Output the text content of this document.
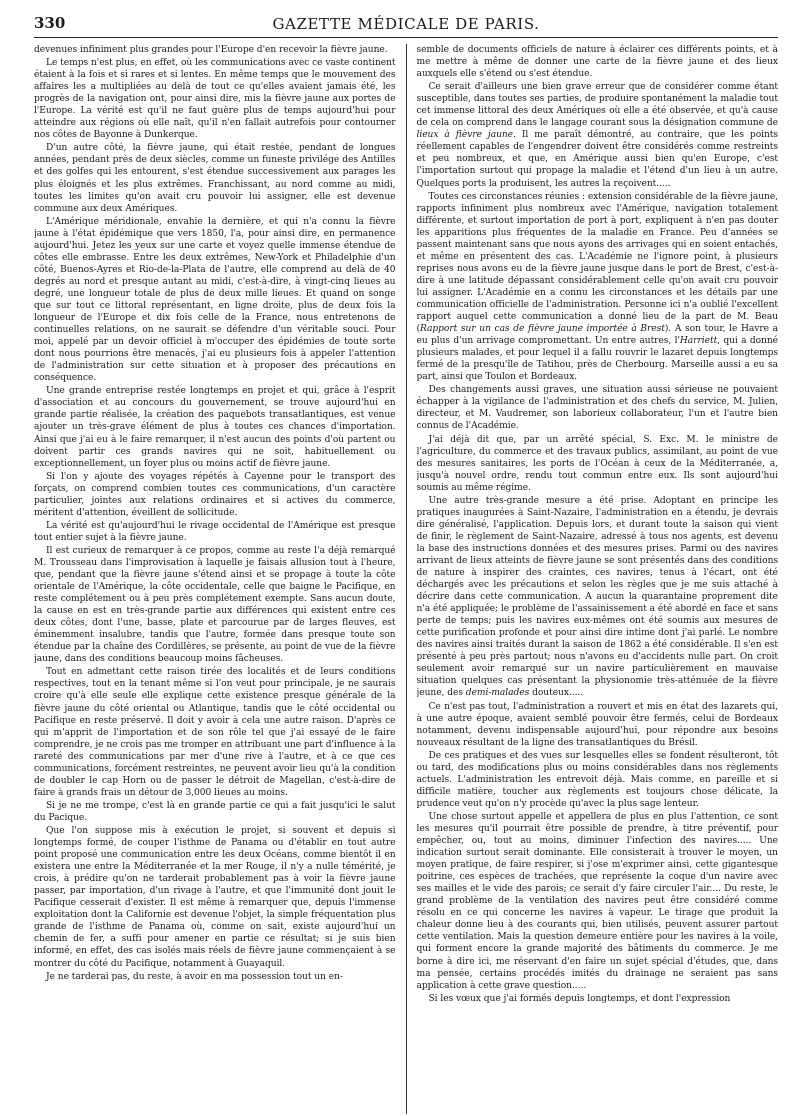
330	GAZETTE MÉDICALE DE PARIS.

devenues infiniment plus grandes pour l'Europe d'en recevoir la fièvre jaune.

Le temps n'est plus, en effet, où les communications avec ce vaste continent étaient à la fois et si rares et si lentes. En même temps que le mouvement des affaires les a multipliées au delà de tout ce qu'elles avaient jamais été, les progrès de la navigation ont, pour ainsi dire, mis la fièvre jaune aux portes de l'Europe. La vérité est qu'il ne faut guère plus de temps aujourd'hui pour atteindre aux régions où elle naît, qu'il n'en fallait autrefois pour contourner nos côtes de Bayonne à Dunkerque.

D'un autre côté, la fièvre jaune, qui était restée, pendant de longues années, pendant près de deux siècles, comme un funeste privilége des Antilles et des golfes qui les entourent, s'est étendue successivement aux parages les plus éloignés et les plus extrêmes. Franchissant, au nord comme au midi, toutes les limites qu'on avait cru pouvoir lui assigner, elle est devenue commune aux deux Amériques.

L'Amérique méridionale, envahie la dernière, et qui n'a connu la fièvre jaune à l'état épidémique que vers 1850, l'a, pour ainsi dire, en permanence aujourd'hui. Jetez les yeux sur une carte et voyez quelle immense étendue de côtes elle embrasse. Entre les deux extrêmes, New-York et Philadelphie d'un côté, Buenos-Ayres et Rio-de-la-Plata de l'autre, elle comprend au delà de 40 degrés au nord et presque autant au midi, c'est-à-dire, à vingt-cinq lieues au degré, une longueur totale de plus de deux mille lieues. Et quand on songe que sur tout ce littoral représentant, en ligne droite, plus de deux fois la longueur de l'Europe et dix fois celle de la France, nous entretenons de continuelles relations, on ne saurait se défendre d'un véritable souci. Pour moi, appelé par un devoir officiel à m'occuper des épidémies de toute sorte dont nous pourrions être menacés, j'ai eu plusieurs fois à appeler l'attention de l'administration sur cette situation et à proposer des précautions en conséquence.

Une grande entreprise restée longtemps en projet et qui, grâce à l'esprit d'association et au concours du gouvernement, se trouve aujourd'hui en grande partie réalisée, la création des paquebots transatlantiques, est venue ajouter un très-grave élément de plus à toutes ces chances d'importation. Ainsi que j'ai eu à le faire remarquer, il n'est aucun des points d'où partent ou doivent partir ces grands navires qui ne soit, habituellement ou exceptionnellement, un foyer plus ou moins actif de fièvre jaune.

Si l'on y ajoute des voyages répétés à Cayenne pour le transport des forçats, on comprend combien toutes ces communications, d'un caractère particulier, jointes aux relations ordinaires et si actives du commerce, méritent d'attention, éveillent de sollicitude.

La vérité est qu'aujourd'hui le rivage occidental de l'Amérique est presque tout entier sujet à la fièvre jaune.

Il est curieux de remarquer à ce propos, comme au reste l'a déjà remarqué M. Trousseau dans l'improvisation à laquelle je faisais allusion tout à l'heure, que, pendant que la fièvre jaune s'étend ainsi et se propage à toute la côte orientale de l'Amérique, la côte occidentale, celle que baigne le Pacifique, en reste complétement ou à peu près complétement exempte. Sans aucun doute, la cause en est en très-grande partie aux différences qui existent entre ces deux côtes, dont l'une, basse, plate et parcourue par de larges fleuves, est éminemment insalubre, tandis que l'autre, formée dans presque toute son étendue par la chaîne des Cordillères, se présente, au point de vue de la fièvre jaune, dans des conditions beaucoup moins fâcheuses.

Tout en admettant cette raison tirée des localités et de leurs conditions respectives, tout en la tenant même si l'on veut pour principale, je ne saurais croire qu'à elle seule elle explique cette existence presque générale de la fièvre jaune du côté oriental ou Atlantique, tandis que le côté occidental ou Pacifique en reste préservé. Il doit y avoir à cela une autre raison. D'après ce qui m'apprit de l'importation et de son rôle tel que j'ai essayé de le faire comprendre, je ne crois pas me tromper en attribuant une part d'influence à la rareté des communications par mer d'une rive à l'autre, et à ce que ces communications, forcément restreintes, ne peuvent avoir lieu qu'à la condition de doubler le cap Horn ou de passer le détroit de Magellan, c'est-à-dire de faire à grands frais un détour de 3,000 lieues au moins.

Si je ne me trompe, c'est là en grande partie ce qui a fait jusqu'ici le salut du Pacique.

Que l'on suppose mis à exécution le projet, si souvent et depuis si longtemps formé, de couper l'isthme de Panama ou d'établir en tout autre point proposé une communication entre les deux Océans, comme bientôt il en existera une entre la Méditerranée et la mer Rouge, il n'y a nulle témérité, je crois, à prédire qu'on ne tarderait probablement pas à voir la fièvre jaune passer, par importation, d'un rivage à l'autre, et que l'immunité dont jouit le Pacifique cesserait d'exister. Il est même à remarquer que, depuis l'immense exploitation dont la Californie est devenue l'objet, la simple fréquentation plus grande de l'isthme de Panama où, comme on sait, existe aujourd'hui un chemin de fer, a suffi pour amener en partie ce résultat; si je suis bien informé, en effet, des cas isolés mais réels de fièvre jaune commençaient à se montrer du côté du Pacifique, notamment à Guayaquil.

Je ne tarderai pas, du reste, à avoir en ma possession tout un en-

semble de documents officiels de nature à éclairer ces différents points, et à me mettre à même de donner une carte de la fièvre jaune et des lieux auxquels elle s'étend ou s'est étendue.

Ce serait d'ailleurs une bien grave erreur que de considérer comme étant susceptible, dans toutes ses parties, de produire spontanément la maladie tout cet immense littoral des deux Amériques où elle a été observée, et qu'à cause de cela on comprend dans le langage courant sous la désignation commune de lieux à fièvre jaune. Il me paraît démontré, au contraire, que les points réellement capables de l'engendrer doivent être considérés comme restreints et peu nombreux, et que, en Amérique aussi bien qu'en Europe, c'est l'importation surtout qui propage la maladie et l'étend d'un lieu à un autre. Quelques ports la produisent, les autres la reçoivent.....

Toutes ces circonstances réunies : extension considérable de la fièvre jaune, rapports infiniment plus nombreux avec l'Amérique, navigation totalement différente, et surtout importation de port à port, expliquent à n'en pas douter les apparitions plus fréquentes de la maladie en France. Peu d'années se passent maintenant sans que nous ayons des arrivages qui en soient entachés, et même en présentent des cas. L'Académie ne l'ignore point, à plusieurs reprises nous avons eu de la fièvre jaune jusque dans le port de Brest, c'est-à-dire à une latitude dépassant considérablement celle qu'on avait cru pouvoir lui assigner. L'Académie en a connu les circonstances et les détails par une communication officielle de l'administration. Personne ici n'a oublié l'excellent rapport auquel cette communication a donné lieu de la part de M. Beau (Rapport sur un cas de fièvre jaune importée à Brest). A son tour, le Havre a eu plus d'un arrivage compromettant. Un entre autres, l'Harriett, qui a donné plusieurs malades, et pour lequel il a fallu rouvrir le lazaret depuis longtemps fermé de la presqu'île de Tatihou, près de Cherbourg. Marseille aussi a eu sa part, ainsi que Toulon et Bordeaux.

Des changements aussi graves, une situation aussi sérieuse ne pouvaient échapper à la vigilance de l'administration et des chefs du service, M. Julien, directeur, et M. Vaudremer, son laborieux collaborateur, l'un et l'autre bien connus de l'Académie.

J'ai déjà dit que, par un arrêté spécial, S. Exc. M. le ministre de l'agriculture, du commerce et des travaux publics, assimilant, au point de vue des mesures sanitaires, les ports de l'Océan à ceux de la Méditerranée, a, jusqu'à nouvel ordre, rendu tout commun entre eux. Ils sont aujourd'hui soumis au même régime.

Une autre très-grande mesure a été prise. Adoptant en principe les pratiques inaugurées à Saint-Nazaire, l'administration en a étendu, je devrais dire généralisé, l'application. Depuis lors, et durant toute la saison qui vient de finir, le règlement de Saint-Nazaire, adressé à tous nos agents, est devenu la base des instructions données et des mesures prises. Parmi ou des navires arrivant de lieux atteints de fièvre jaune se sont présentés dans des conditions de nature à inspirer des craintes, ces navires, tenus à l'écart, ont été déchargés avec les précautions et selon les règles que je me suis attaché à décrire dans cette communication. A aucun la quarantaine proprement dite n'a été appliquée; le problème de l'assainissement a été abordé en face et sans perte de temps; puis les navires eux-mêmes ont été soumis aux mesures de cette purification profonde et pour ainsi dire intime dont j'ai parlé. Le nombre des navires ainsi traités durant la saison de 1862 a été considérable. Il s'en est présenté à peu près partout; nous n'avons eu d'accidents nulle part. On croit seulement avoir remarqué sur un navire particulièrement en mauvaise situation quelques cas présentant la physionomie très-atténuée de la fièvre jeune, des demi-malades douteux.....

Ce n'est pas tout, l'administration a rouvert et mis en état des lazarets qui, à une autre époque, avaient semblé pouvoir être fermés, celui de Bordeaux notamment, devenu indispensable aujourd'hui, pour répondre aux besoins nouveaux résultant de la ligne des transatlantiques du Brésil.

De ces pratiques et des vues sur lesquelles elles se fondent résulteront, tôt ou tard, des modifications plus ou moins considérables dans nos règlements actuels. L'administration les entrevoit déjà. Mais comme, en pareille et si difficile matière, toucher aux règlements est toujours chose délicate, la prudence veut qu'on n'y procède qu'avec la plus sage lenteur.

Une chose surtout appelle et appellera de plus en plus l'attention, ce sont les mesures qu'il pourrait être possible de prendre, à titre préventif, pour empêcher, ou, tout au moins, diminuer l'infection des navires..... Une indication surtout serait dominante. Elle consisterait à trouver le moyen, un moyen pratique, de faire respirer, si j'ose m'exprimer ainsi, cette gigantesque poitrine, ces espèces de trachées, que représente la coque d'un navire avec ses mailles et le vide des parois; ce serait d'y faire circuler l'air.... Du reste, le grand problème de la ventilation des navires peut être considéré comme résolu en ce qui concerne les navires à vapeur. Le tirage que produit la chaleur donne lieu à des courants qui, bien utilisés, peuvent assurer partout cette ventilation. Mais la question demeure entière pour les navires à la voile, qui forment encore la grande majorité des bâtiments du commerce. Je me borne à dire ici, me réservant d'en faire un sujet spécial d'études, que, dans ma pensée, certains procédés imités du drainage ne seraient pas sans application à cette grave question.....

Si les vœux que j'ai formés depuis longtemps, et dont l'expression
